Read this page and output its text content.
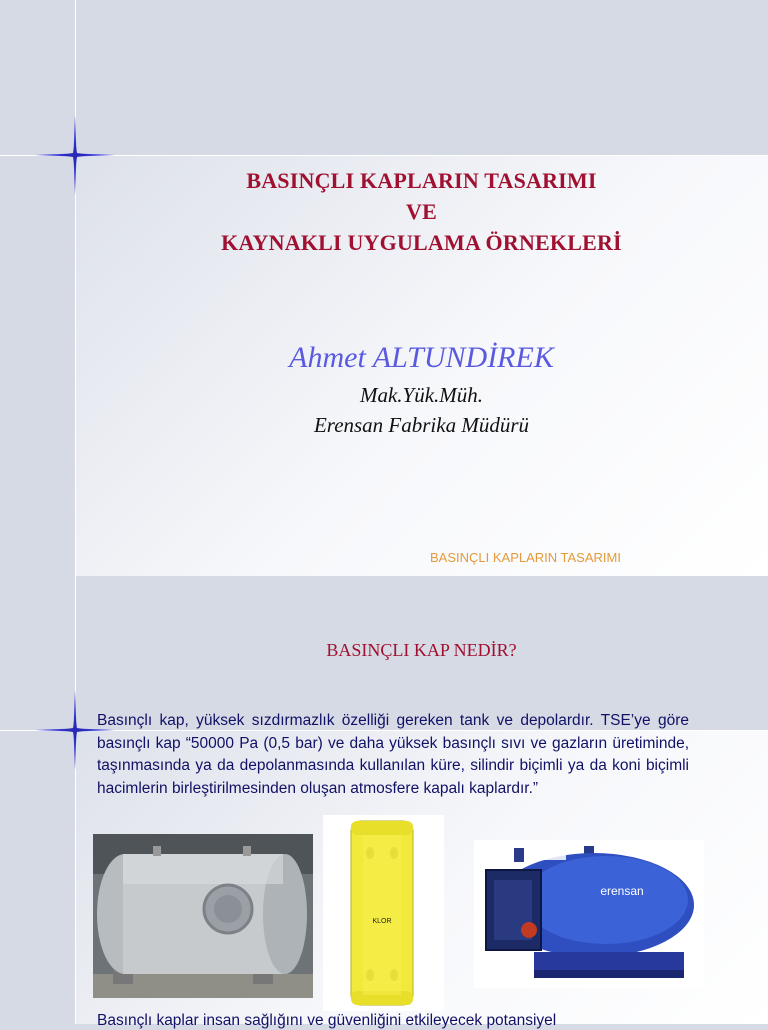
BASINÇLI KAPLARIN TASARIMI
VE
KAYNAKLI UYGULAMA ÖRNEKLERİ
Ahmet ALTUNDİREK
Mak.Yük.Müh.
Erensan Fabrika Müdürü
BASINÇLI KAPLARIN TASARIMI
BASINÇLI KAP NEDİR?
Basınçlı kap, yüksek sızdırmazlık özelliği gereken tank ve depolardır. TSE’ye göre basınçlı kap “50000 Pa (0,5 bar) ve daha yüksek basınçlı sıvı ve gazların üretiminde, taşınmasında ya da depolanmasında kullanılan küre, silindir biçimli ya da koni biçimli hacimlerin birleştirilmesinden oluşan atmosfere kapalı kaplardır.”
KLOR
erensan
Basınçlı kaplar insan sağlığını ve güvenliğini etkileyecek potansiyel
